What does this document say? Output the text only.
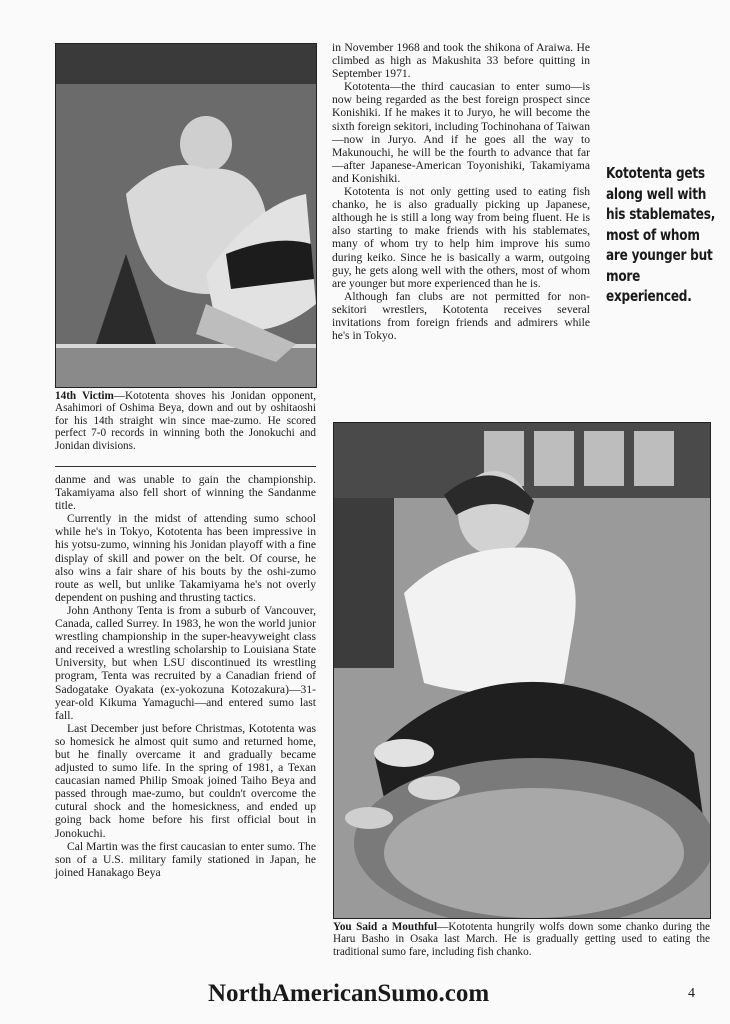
14th Victim—Kototenta shoves his Jonidan opponent, Asahimori of Oshima Beya, down and out by oshitaoshi for his 14th straight win since mae-zumo. He scored perfect 7-0 records in winning both the Jonokuchi and Jonidan divisions.

danme and was unable to gain the championship. Takamiyama also fell short of winning the Sandanme title.

Currently in the midst of attending sumo school while he's in Tokyo, Kototenta has been impressive in his yotsu-zumo, winning his Jonidan playoff with a fine display of skill and power on the belt. Of course, he also wins a fair share of his bouts by the oshi-zumo route as well, but unlike Takamiyama he's not overly dependent on pushing and thrusting tactics.

John Anthony Tenta is from a suburb of Vancouver, Canada, called Surrey. In 1983, he won the world junior wrestling championship in the super-heavyweight class and received a wrestling scholarship to Louisiana State University, but when LSU discontinued its wrestling program, Tenta was recruited by a Canadian friend of Sadogatake Oyakata (ex-yokozuna Kotozakura)—31-year-old Kikuma Yamaguchi—and entered sumo last fall.

Last December just before Christmas, Kototenta was so homesick he almost quit sumo and returned home, but he finally overcame it and gradually became adjusted to sumo life. In the spring of 1981, a Texan caucasian named Philip Smoak joined Taiho Beya and passed through mae-zumo, but couldn't overcome the cutural shock and the homesickness, and ended up going back home before his first official bout in Jonokuchi.

Cal Martin was the first caucasian to enter sumo. The son of a U.S. military family stationed in Japan, he joined Hanakago Beya

in November 1968 and took the shikona of Araiwa. He climbed as high as Makushita 33 before quitting in September 1971.

Kototenta—the third caucasian to enter sumo—is now being regarded as the best foreign prospect since Konishiki. If he makes it to Juryo, he will become the sixth foreign sekitori, including Tochinohana of Taiwan—now in Juryo. And if he goes all the way to Makunouchi, he will be the fourth to advance that far—after Japanese-American Toyonishiki, Takamiyama and Konishiki.

Kototenta is not only getting used to eating fish chanko, he is also gradually picking up Japanese, although he is still a long way from being fluent. He is also starting to make friends with his stablemates, many of whom try to help him improve his sumo during keiko. Since he is basically a warm, outgoing guy, he gets along well with the others, most of whom are younger but more experienced than he is.

Although fan clubs are not permitted for non-sekitori wrestlers, Kototenta receives several invitations from foreign friends and admirers while he's in Tokyo.

Kototenta gets along well with his stablemates, most of whom are younger but more experienced.
You Said a Mouthful—Kototenta hungrily wolfs down some chanko during the Haru Basho in Osaka last March. He is gradually getting used to eating the traditional sumo fare, including fish chanko.
NorthAmericanSumo.com	4
